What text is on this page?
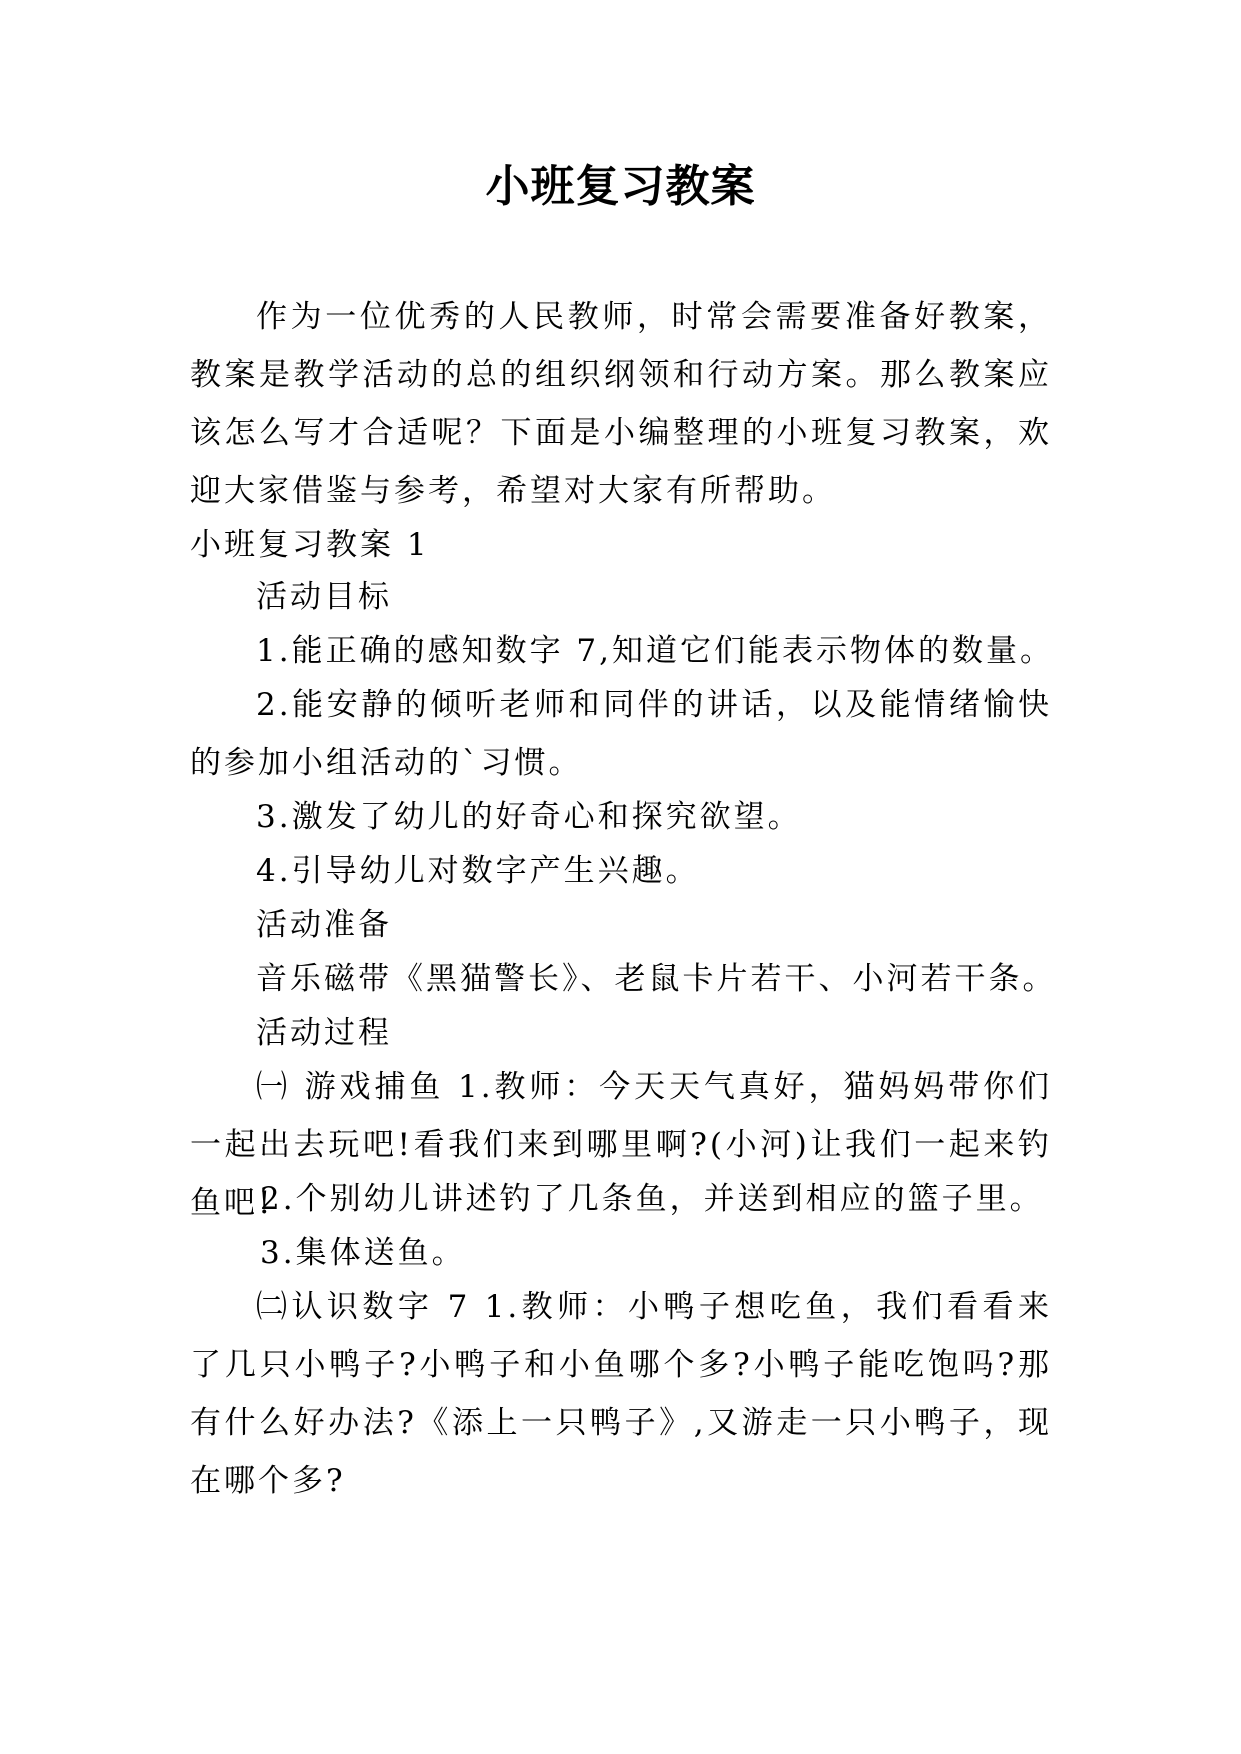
小班复习教案
作为一位优秀的人民教师，时常会需要准备好教案，教案是教学活动的总的组织纲领和行动方案。那么教案应该怎么写才合适呢？下面是小编整理的小班复习教案，欢迎大家借鉴与参考，希望对大家有所帮助。
小班复习教案 1
活动目标
1.能正确的感知数字 7,知道它们能表示物体的数量。
2.能安静的倾听老师和同伴的讲话，以及能情绪愉快的参加小组活动的`习惯。
3.激发了幼儿的好奇心和探究欲望。
4.引导幼儿对数字产生兴趣。
活动准备
音乐磁带《黑猫警长》、老鼠卡片若干、小河若干条。
活动过程
㈠ 游戏捕鱼 1.教师：今天天气真好，猫妈妈带你们一起出去玩吧!看我们来到哪里啊?(小河)让我们一起来钓鱼吧!
2.个别幼儿讲述钓了几条鱼，并送到相应的篮子里。
3.集体送鱼。
㈡认识数字 7 1.教师：小鸭子想吃鱼，我们看看来了几只小鸭子?小鸭子和小鱼哪个多?小鸭子能吃饱吗?那有什么好办法?《添上一只鸭子》,又游走一只小鸭子，现在哪个多?
